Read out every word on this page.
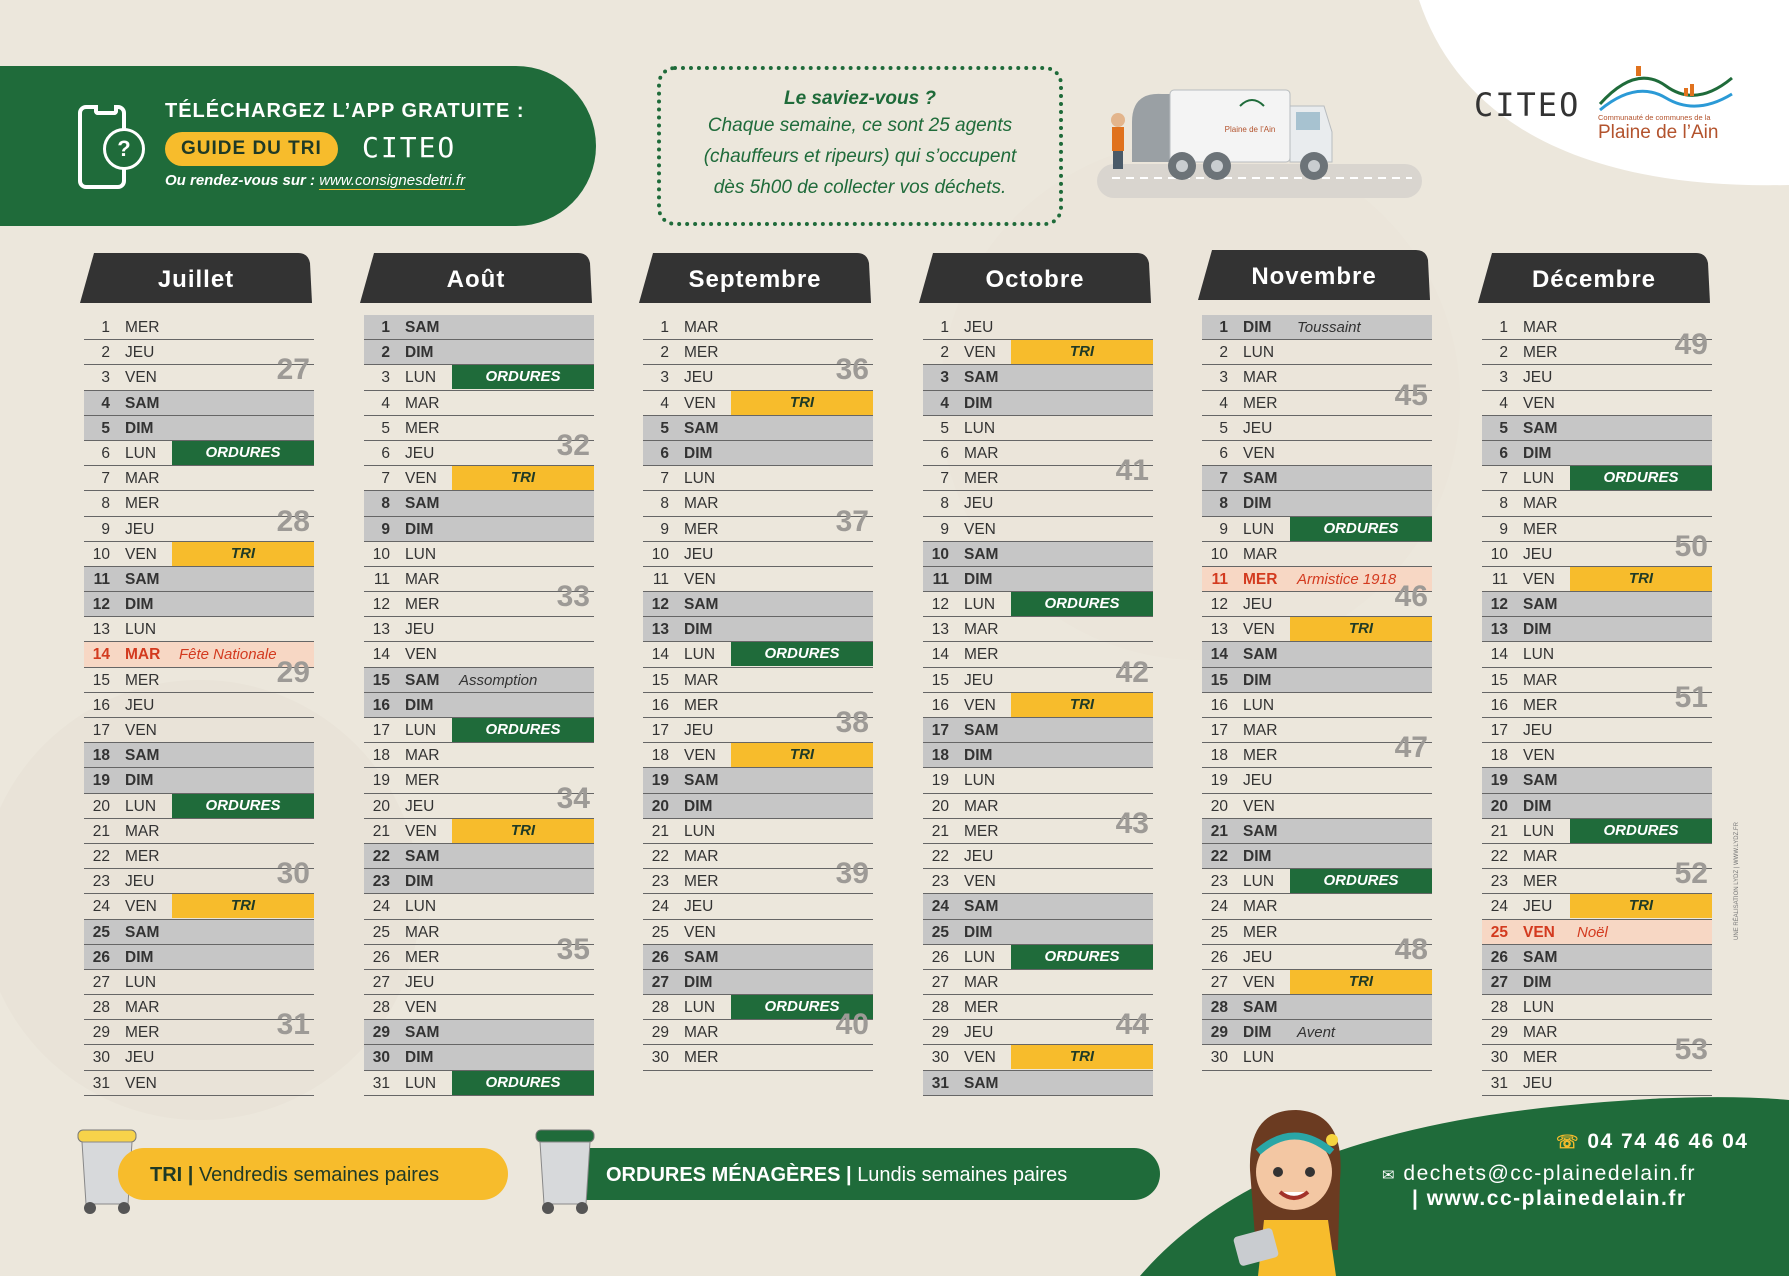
?
TÉLÉCHARGEZ L’APP GRATUITE :
GUIDE DU TRI	CITEO
Ou rendez-vous sur : www.consignesdetri.fr
Le saviez-vous ?
Chaque semaine, ce sont 25 agents
(chauffeurs et ripeurs) qui s’occupent
dès 5h00 de collecter vos déchets.
Plaine de l’Ain
CITEO Communauté de communes de la
Plaine de l’Ain
Juillet
1 MER
2 JEU
3 VEN	27
4 SAM
5 DIM
6 LUN	ORDURES
7 MAR
8 MER
9 JEU	28
10 VEN	TRI
11 SAM
12 DIM
13 LUN
14 MAR Fête Nationale
15 MER	29
16 JEU
17 VEN
18 SAM
19 DIM
20 LUN	ORDURES
21 MAR
22 MER
23 JEU	30
24 VEN	TRI
25 SAM
26 DIM
27 LUN
28 MAR
29 MER	31
30 JEU
31 VEN
Août
1 SAM
2 DIM
3 LUN	ORDURES
4 MAR
5 MER
6 JEU	32
7 VEN	TRI
8 SAM
9 DIM
10 LUN
11 MAR
12 MER	33
13 JEU
14 VEN
15 SAM Assomption
16 DIM
17 LUN	ORDURES
18 MAR
19 MER
20 JEU	34
21 VEN	TRI
22 SAM
23 DIM
24 LUN
25 MAR
26 MER	35
27 JEU
28 VEN
29 SAM
30 DIM
31 LUN	ORDURES
Septembre
1 MAR
2 MER
3 JEU	36
4 VEN	TRI
5 SAM
6 DIM
7 LUN
8 MAR
9 MER	37
10 JEU
11 VEN
12 SAM
13 DIM
14 LUN	ORDURES
15 MAR
16 MER
17 JEU	38
18 VEN	TRI
19 SAM
20 DIM
21 LUN
22 MAR
23 MER	39
24 JEU
25 VEN
26 SAM
27 DIM
28 LUN	ORDURES
29 MAR	40
30 MER
Octobre
1 JEU
2 VEN	TRI
3 SAM
4 DIM
5 LUN
6 MAR
7 MER	41
8 JEU
9 VEN
10 SAM
11 DIM
12 LUN	ORDURES
13 MAR
14 MER
15 JEU	42
16 VEN	TRI
17 SAM
18 DIM
19 LUN
20 MAR
21 MER	43
22 JEU
23 VEN
24 SAM
25 DIM
26 LUN	ORDURES
27 MAR
28 MER
29 JEU	44
30 VEN	TRI
31 SAM
Novembre
1 DIM Toussaint
2 LUN
3 MAR
4 MER	45
5 JEU
6 VEN
7 SAM
8 DIM
9 LUN	ORDURES
10 MAR
11 MER Armistice 1918
12 JEU	46
13 VEN	TRI
14 SAM
15 DIM
16 LUN
17 MAR
18 MER	47
19 JEU
20 VEN
21 SAM
22 DIM
23 LUN	ORDURES
24 MAR
25 MER
26 JEU	48
27 VEN	TRI
28 SAM
29 DIM Avent
30 LUN
Décembre
1 MAR
2 MER	49
3 JEU
4 VEN
5 SAM
6 DIM
7 LUN	ORDURES
8 MAR
9 MER
10 JEU	50
11 VEN	TRI
12 SAM
13 DIM
14 LUN
15 MAR
16 MER	51
17 JEU
18 VEN
19 SAM
20 DIM
21 LUN	ORDURES
22 MAR
23 MER	52
24 JEU	TRI
25 VEN Noël
26 SAM
27 DIM
28 LUN
29 MAR
30 MER	53
31 JEU
TRI | Vendredis semaines paires	ORDURES MÉNAGÈRES | Lundis semaines paires
☏ 04 74 46 46 04
✉ dechets@cc-plainedelain.fr
| www.cc-plainedelain.fr
UNE RÉALISATION LYDZ | WWW.LYDZ.FR
